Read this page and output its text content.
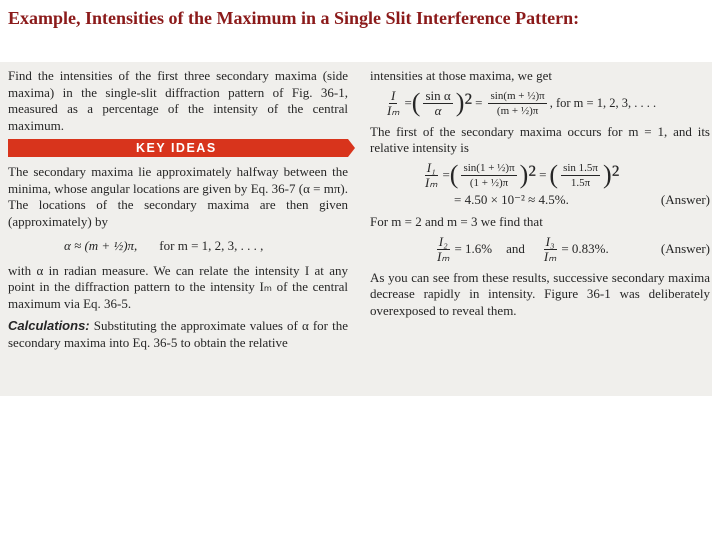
Example, Intensities of the Maximum in a Single Slit Interference Pattern:

Find the intensities of the first three secondary maxima (side maxima) in the single-slit diffraction pattern of Fig. 36-1, measured as a percentage of the intensity of the central maximum.

KEY IDEAS

The secondary maxima lie approximately halfway between the minima, whose angular locations are given by Eq. 36-7 (α = mπ). The locations of the secondary maxima are then given (approximately) by

α ≈ (m + ½)π, for m = 1, 2, 3, . . . ,

with α in radian measure. We can relate the intensity I at any point in the diffraction pattern to the intensity Iₘ of the central maximum via Eq. 36-5.

Calculations: Substituting the approximate values of α for the secondary maxima into Eq. 36-5 to obtain the relative

intensities at those maxima, we get

$\frac{I}{\text{Iₘ}}$ = ( $\frac{\text{sin α}}{\alpha} )^2 = \frac{\text{sin(m + ½)π}}{\text{(m + ½)π}}$ , for m = 1, 2, 3, . . . .

The first of the secondary maxima occurs for m = 1, and its relative intensity is

$\frac{\text{I₁}}{\text{Iₘ}}$ = ( $\frac{\text{sin(1 + ½)π}}{\text{(1 + ½)π}} )^2$ = ( $\frac{\sin 1.5\pi}{1.5\pi} )^2$
= 4.50 × 10⁻² ≈ 4.5%.	(Answer)

For m = 2 and m = 3 we find that

$\frac{\text{I₂}}{\text{Iₘ}} = 1.6\%$ and $\frac{\text{I₃}}{\text{Iₘ}} = 0.83\%$.	(Answer)

As you can see from these results, successive secondary maxima decrease rapidly in intensity. Figure 36-1 was deliberately overexposed to reveal them.
